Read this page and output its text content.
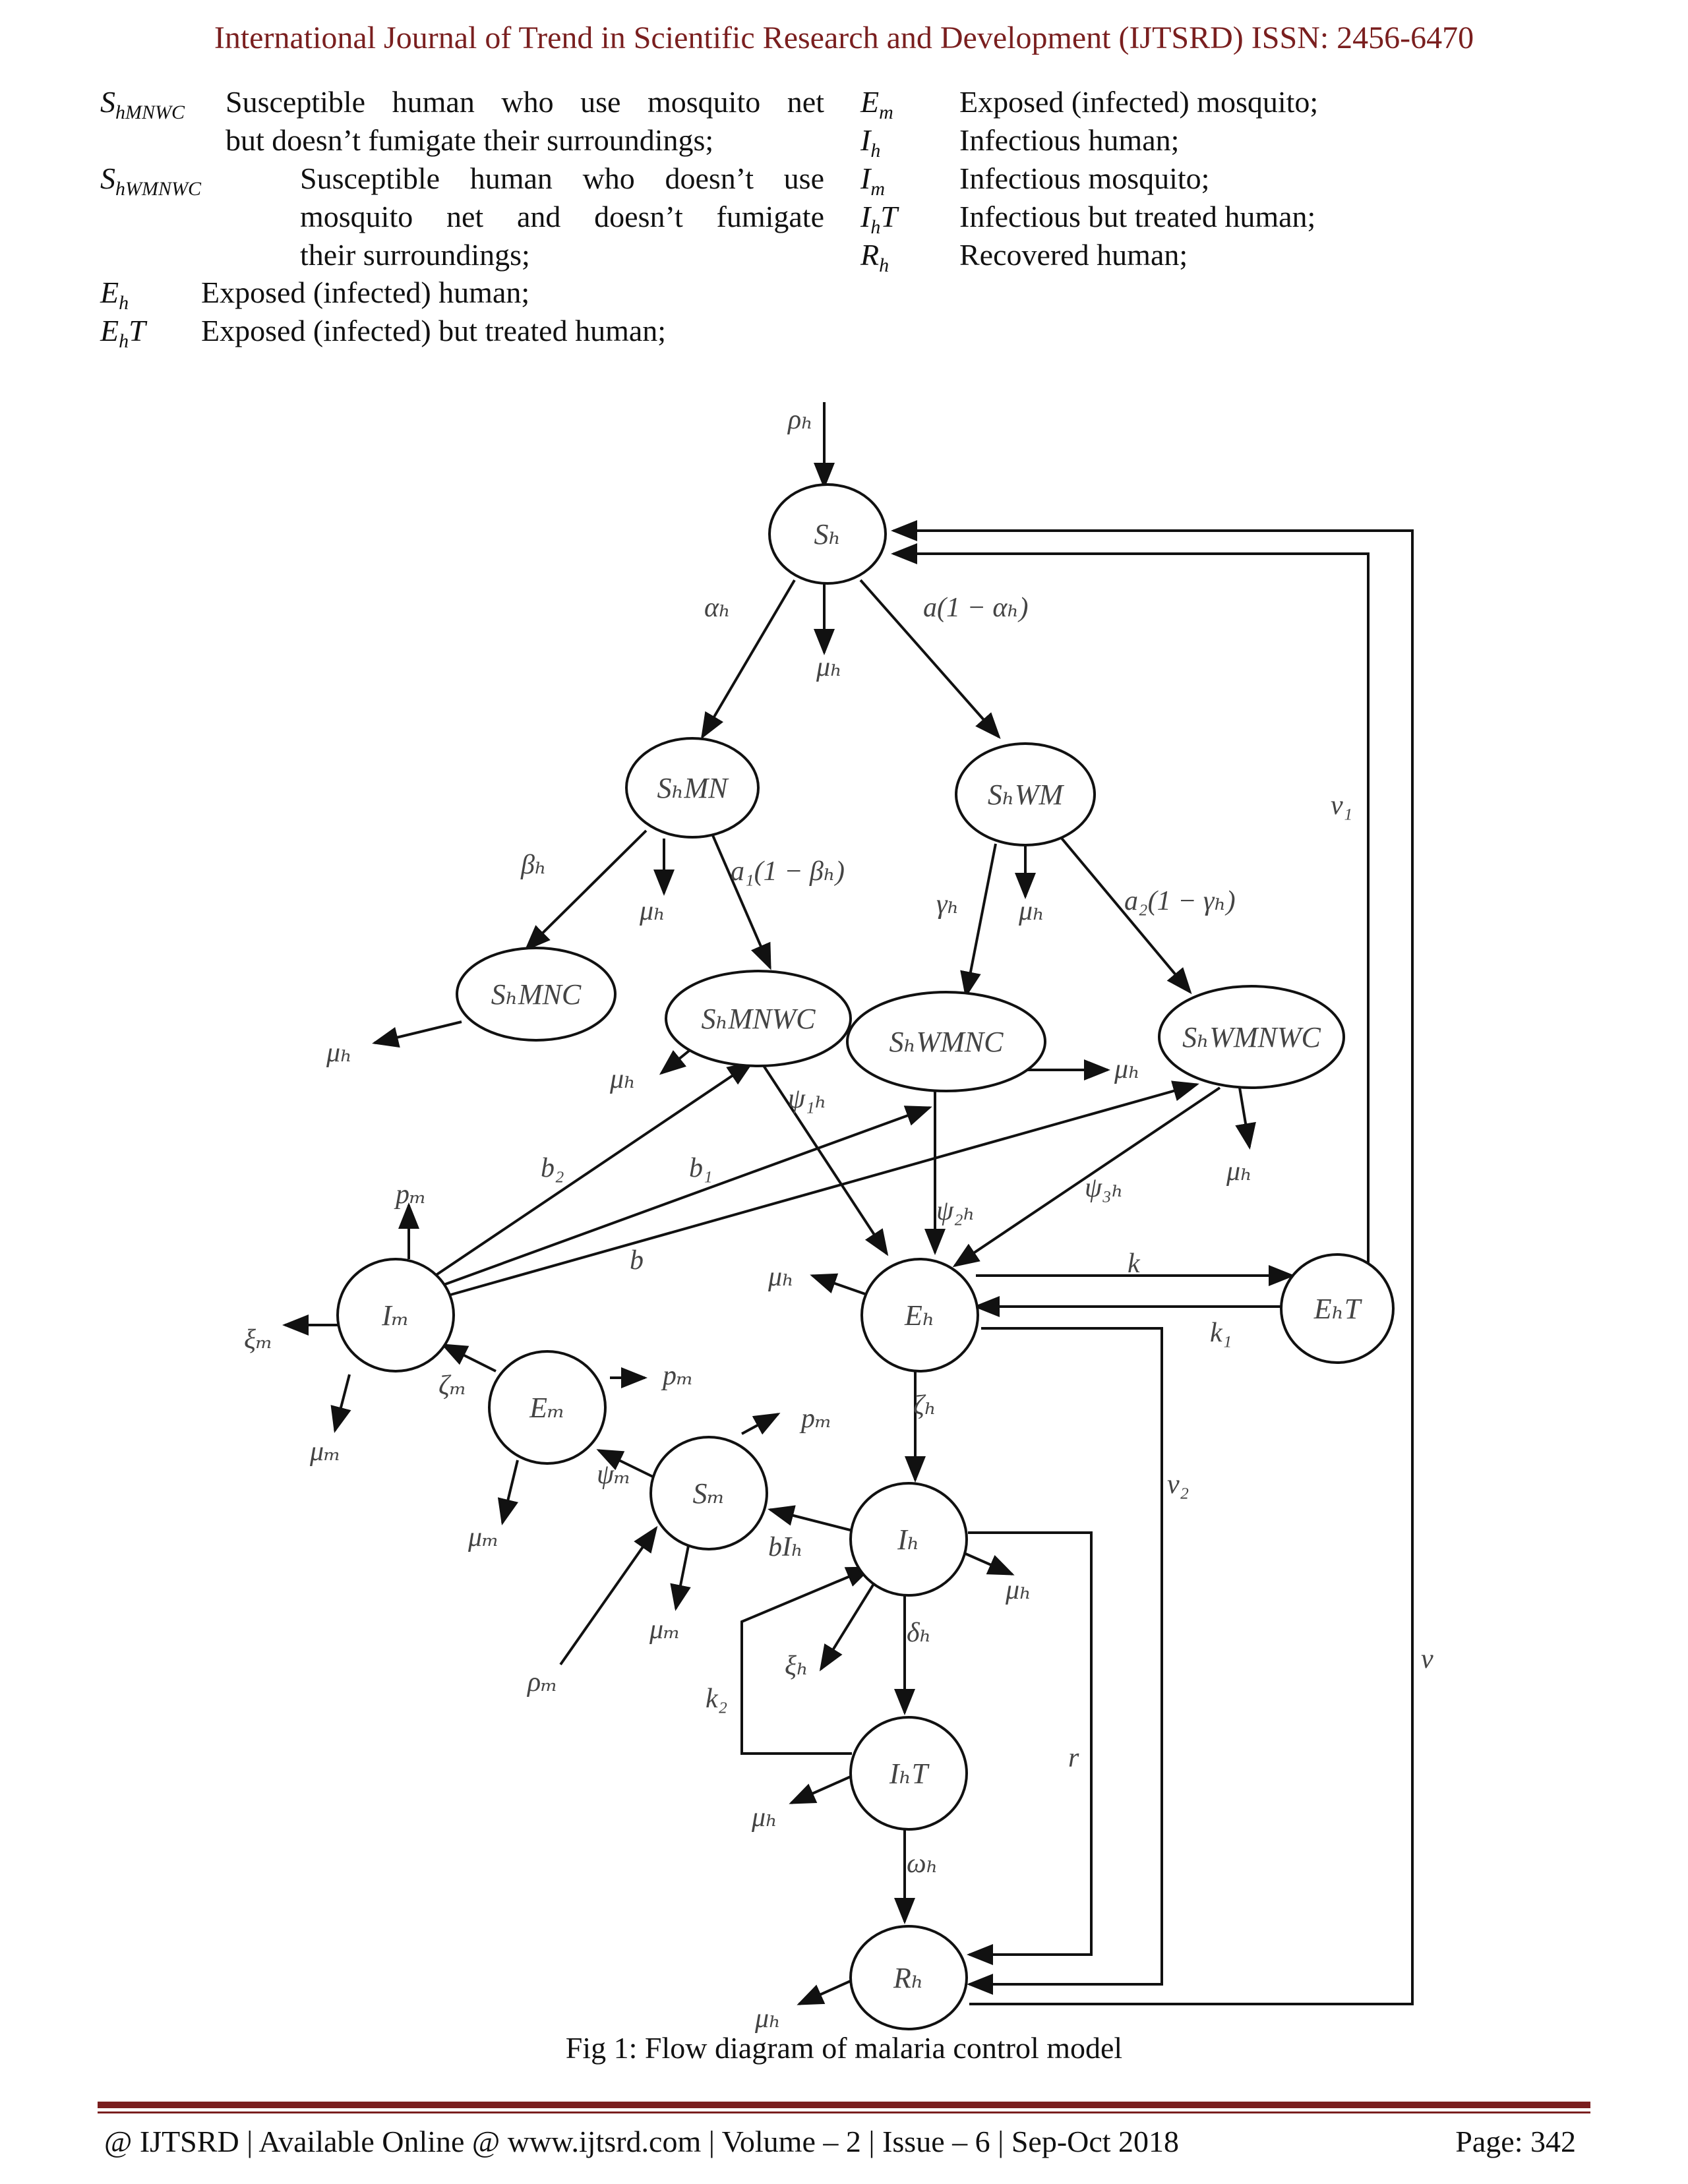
International Journal of Trend in Scientific Research and Development (IJTSRD) ISSN: 2456-6470
$S_{hMNWC}$ Susceptible human who use mosquito net
but doesn’t fumigate their surroundings;
$S_{hWMNWC}$	Susceptible human who doesn’t use
mosquito net and doesn’t fumigate
their surroundings;
$E_h$ Exposed (infected) human;
$E_hT$ Exposed (infected) but treated human;
$E_m$ Exposed (infected) mosquito;
$I_h$	Infectious human;
$I_m$ Infectious mosquito;
$I_hT$ Infectious but treated human;
$R_h$ Recovered human;
Sₕ
SₕMN	SₕWM
SₕMNC
SₕMNWC
SₕWMNC	SₕWMNWC
Iₘ	Eₕ	EₕT
Eₘ
Sₘ
Iₕ
IₕT
Rₕ
ρₕ
αₕ
μₕ
a(1 − αₕ)
βₕ
μₕ
a₁(1 − βₕ)
γₕ μₕ	a₂(1 − γₕ)
v₁
μₕ
μₕ	μₕ
μₕ
ψ₁ₕ
ψ₂ₕ
ψ₃ₕ
b₂	b₁
b
pₘ
ξₘ
μₘ
ζₘ	pₘ
μₘ
ψₘ
pₘ
μₘ
ρₘ
μₕ	k
k₁
ζₕ
v₂
v
bIₕ
μₕ
δₕ
ξₕ
r
k₂
μₕ
ωₕ
μₕ
Fig 1: Flow diagram of malaria control model
@ IJTSRD | Available Online @ www.ijtsrd.com | Volume – 2 | Issue – 6 | Sep-Oct 2018	Page: 342
